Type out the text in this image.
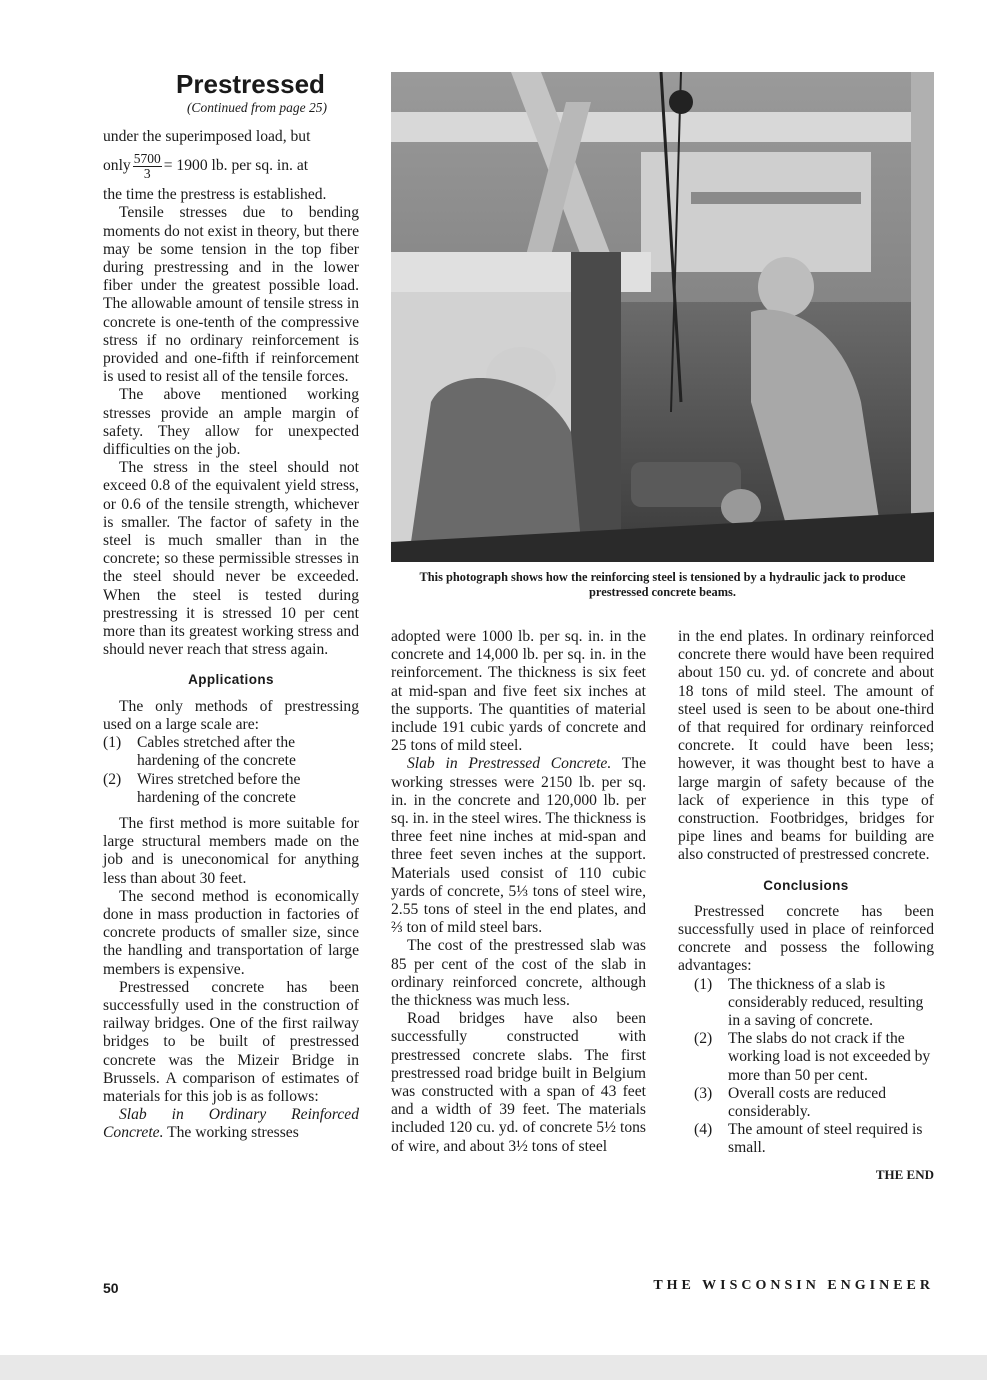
Prestressed
(Continued from page 25)

under the superimposed load, but

only $\frac{5700}{3} = 1900$ lb. per sq. in. at

the time the prestress is established.

Tensile stresses due to bending moments do not exist in theory, but there may be some tension in the top fiber during prestressing and in the lower fiber under the greatest possible load. The allowable amount of tensile stress in concrete is one-tenth of the compressive stress if no ordinary reinforcement is provided and one-fifth if reinforcement is used to resist all of the tensile forces.

The above mentioned working stresses provide an ample margin of safety. They allow for unexpected difficulties on the job.

The stress in the steel should not exceed 0.8 of the equivalent yield stress, or 0.6 of the tensile strength, whichever is smaller. The factor of safety in the steel is much smaller than in the concrete; so these permissible stresses in the steel should never be exceeded. When the steel is tested during prestressing it is stressed 10 per cent more than its greatest working stress and should never reach that stress again.

Applications

The only methods of prestressing used on a large scale are:

(1)	Cables stretched after the hardening of the concrete
(2)	Wires stretched before the hardening of the concrete

The first method is more suitable for large structural members made on the job and is uneconomical for anything less than about 30 feet.

The second method is economically done in mass production in factories of concrete products of smaller size, since the handling and transportation of large members is expensive.

Prestressed concrete has been successfully used in the construction of railway bridges. One of the first railway bridges to be built of prestressed concrete was the Mizeir Bridge in Brussels. A comparison of estimates of materials for this job is as follows:

Slab in Ordinary Reinforced Concrete. The working stresses

This photograph shows how the reinforcing steel is tensioned by a hydraulic jack to produce prestressed concrete beams.

adopted were 1000 lb. per sq. in. in the concrete and 14,000 lb. per sq. in. in the reinforcement. The thickness is six feet at mid-span and five feet six inches at the supports. The quantities of material include 191 cubic yards of concrete and 25 tons of mild steel.

Slab in Prestressed Concrete. The working stresses were 2150 lb. per sq. in. in the concrete and 120,000 lb. per sq. in. in the steel wires. The thickness is three feet nine inches at mid-span and three feet seven inches at the support. Materials used consist of 110 cubic yards of concrete, 5⅓ tons of steel wire, 2.55 tons of steel in the end plates, and ⅔ ton of mild steel bars.

The cost of the prestressed slab was 85 per cent of the cost of the slab in ordinary reinforced concrete, although the thickness was much less.

Road bridges have also been successfully constructed with prestressed concrete slabs. The first prestressed road bridge built in Belgium was constructed with a span of 43 feet and a width of 39 feet. The materials included 120 cu. yd. of concrete 5½ tons of wire, and about 3½ tons of steel

in the end plates. In ordinary reinforced concrete there would have been required about 150 cu. yd. of concrete and about 18 tons of mild steel. The amount of steel used is seen to be about one-third of that required for ordinary reinforced concrete. It could have been less; however, it was thought best to have a large margin of safety because of the lack of experience in this type of construction. Footbridges, bridges for pipe lines and beams for building are also constructed of prestressed concrete.

Conclusions

Prestressed concrete has been successfully used in place of reinforced concrete and possess the following advantages:

(1)	The thickness of a slab is considerably reduced, resulting in a saving of concrete.
(2)	The slabs do not crack if the working load is not exceeded by more than 50 per cent.
(3)	Overall costs are reduced considerably.
(4)	The amount of steel required is small.
THE END
50	THE WISCONSIN ENGINEER
